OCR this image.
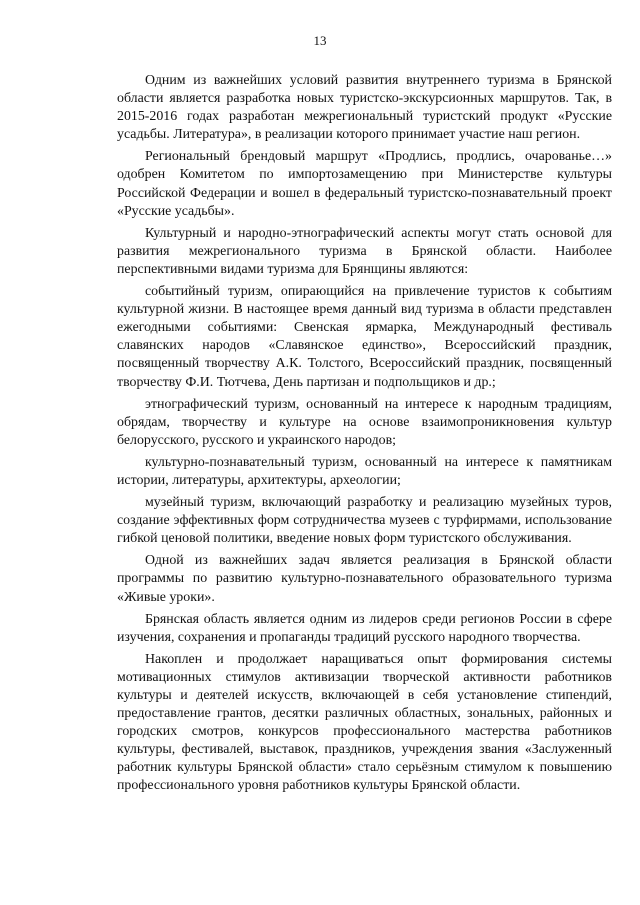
13

Одним из важнейших условий развития внутреннего туризма в Брянской области является разработка новых туристско-экскурсионных маршрутов. Так, в 2015-2016 годах разработан межрегиональный туристский продукт «Русские усадьбы. Литература», в реализации которого принимает участие наш регион.

Региональный брендовый маршрут «Продлись, продлись, очарованье…» одобрен Комитетом по импортозамещению при Министерстве культуры Российской Федерации и вошел в федеральный туристско-познавательный проект «Русские усадьбы».

Культурный и народно-этнографический аспекты могут стать основой для развития межрегионального туризма в Брянской области. Наиболее перспективными видами туризма для Брянщины являются:

событийный туризм, опирающийся на привлечение туристов к событиям культурной жизни. В настоящее время данный вид туризма в области представлен ежегодными событиями: Свенская ярмарка, Международный фестиваль славянских народов «Славянское единство», Всероссийский праздник, посвященный творчеству А.К. Толстого, Всероссийский праздник, посвященный творчеству Ф.И. Тютчева, День партизан и подпольщиков и др.;

этнографический туризм, основанный на интересе к народным традициям, обрядам, творчеству и культуре на основе взаимопроникновения культур белорусского, русского и украинского народов;

культурно-познавательный туризм, основанный на интересе к памятникам истории, литературы, архитектуры, археологии;

музейный туризм, включающий разработку и реализацию музейных туров, создание эффективных форм сотрудничества музеев с турфирмами, использование гибкой ценовой политики, введение новых форм туристского обслуживания.

Одной из важнейших задач является реализация в Брянской области программы по развитию культурно-познавательного образовательного туризма «Живые уроки».

Брянская область является одним из лидеров среди регионов России в сфере изучения, сохранения и пропаганды традиций русского народного творчества.

Накоплен и продолжает наращиваться опыт формирования системы мотивационных стимулов активизации творческой активности работников культуры и деятелей искусств, включающей в себя установление стипендий, предоставление грантов, десятки различных областных, зональных, районных и городских смотров, конкурсов профессионального мастерства работников культуры, фестивалей, выставок, праздников, учреждения звания «Заслуженный работник культуры Брянской области» стало серьёзным стимулом к повышению профессионального уровня работников культуры Брянской области.
